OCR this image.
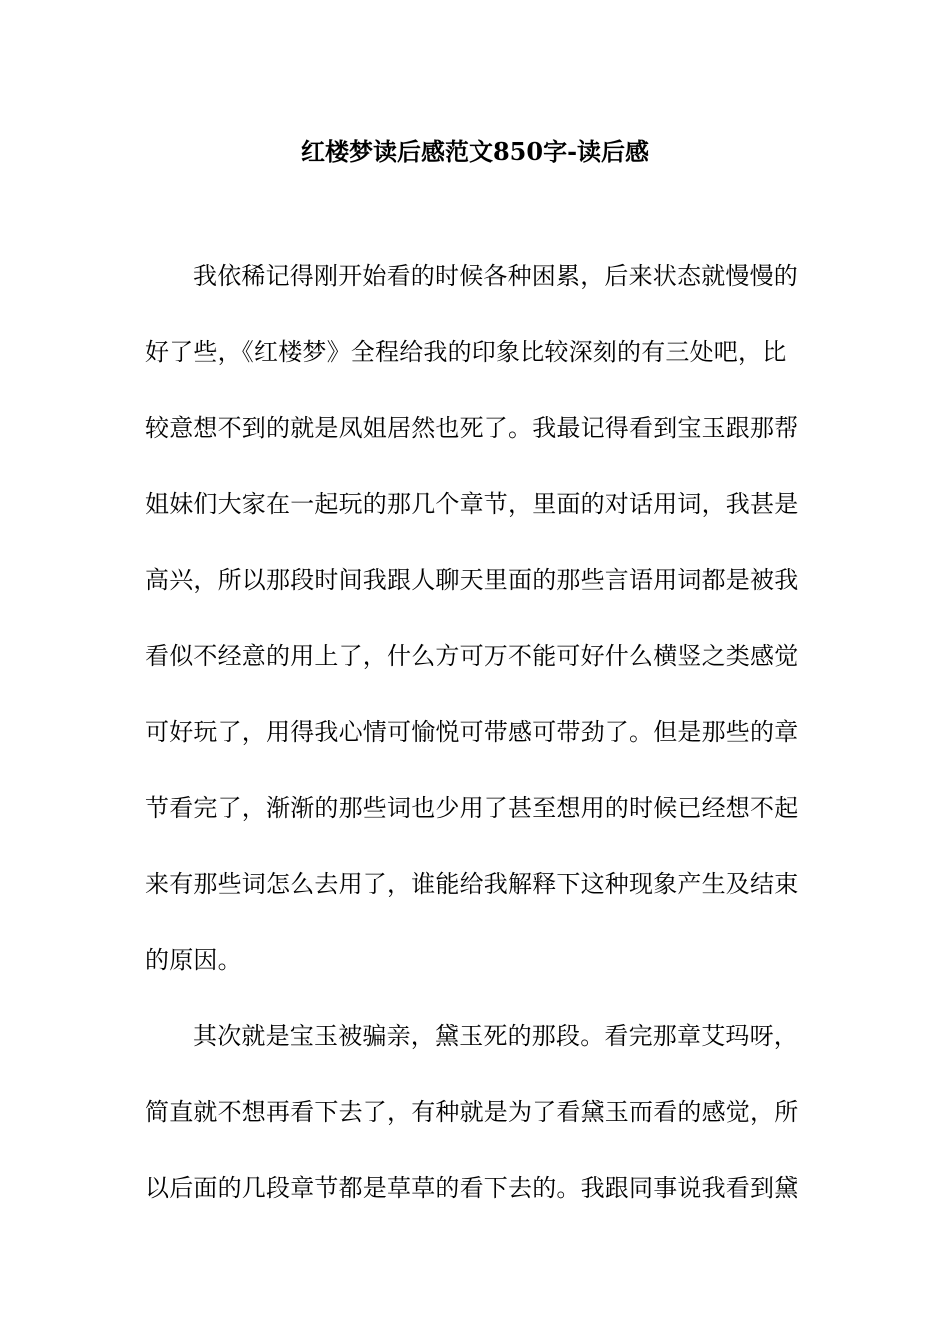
红楼梦读后感范文850字-读后感
我依稀记得刚开始看的时候各种困累，后来状态就慢慢的
好了些，《红楼梦》全程给我的印象比较深刻的有三处吧，比
较意想不到的就是凤姐居然也死了。我最记得看到宝玉跟那帮
姐妹们大家在一起玩的那几个章节，里面的对话用词，我甚是
高兴，所以那段时间我跟人聊天里面的那些言语用词都是被我
看似不经意的用上了，什么方可万不能可好什么横竖之类感觉
可好玩了，用得我心情可愉悦可带感可带劲了。但是那些的章
节看完了，渐渐的那些词也少用了甚至想用的时候已经想不起
来有那些词怎么去用了，谁能给我解释下这种现象产生及结束
的原因。
其次就是宝玉被骗亲，黛玉死的那段。看完那章艾玛呀，
简直就不想再看下去了，有种就是为了看黛玉而看的感觉，所
以后面的几段章节都是草草的看下去的。我跟同事说我看到黛
